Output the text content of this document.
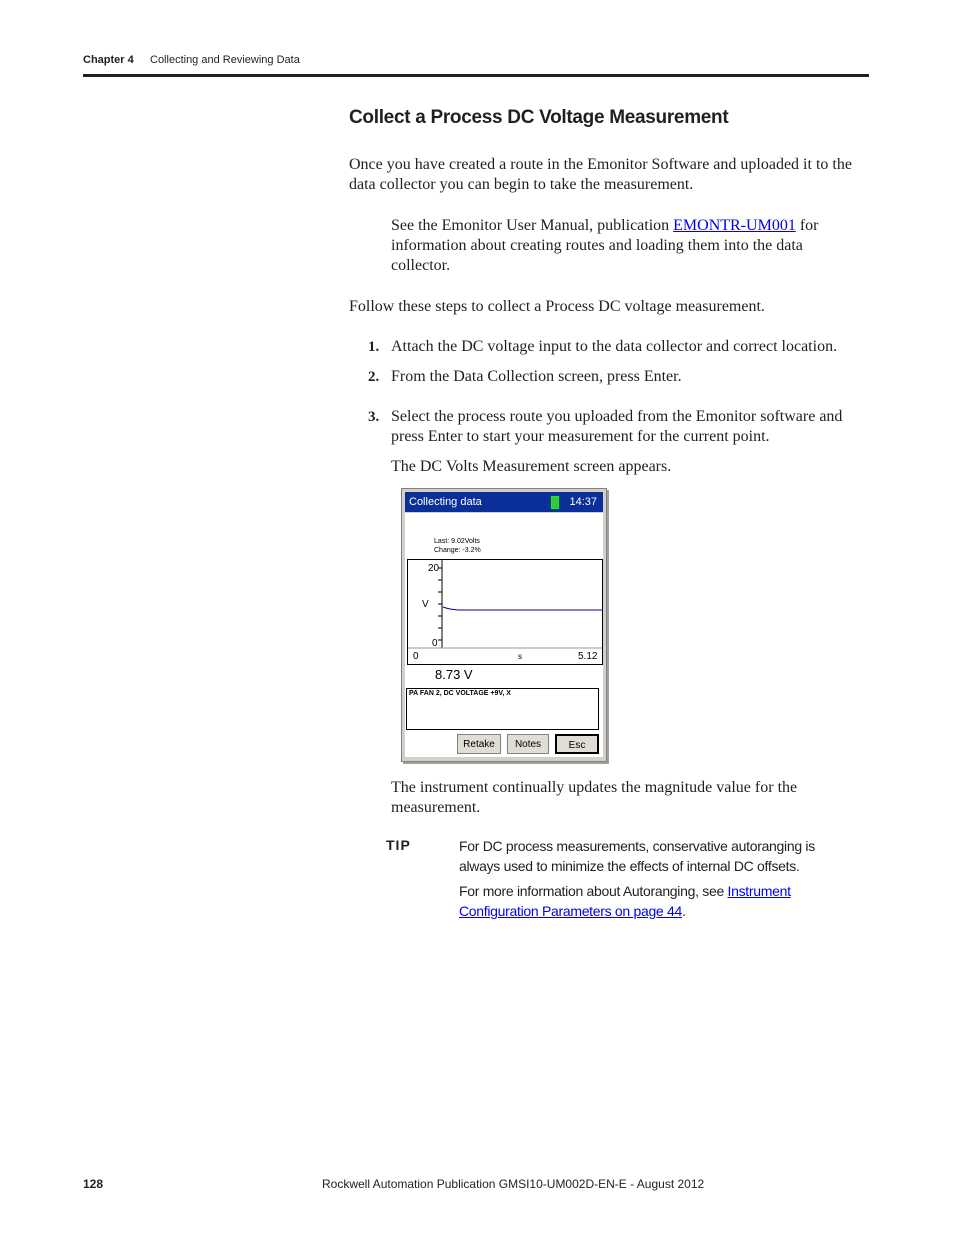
Chapter 4 Collecting and Reviewing Data
Collect a Process DC Voltage Measurement

Once you have created a route in the Emonitor Software and uploaded it to the data collector you can begin to take the measurement.

See the Emonitor User Manual, publication EMONTR-UM001 for information about creating routes and loading them into the data collector.

Follow these steps to collect a Process DC voltage measurement.

1. Attach the DC voltage input to the data collector and correct location.

2. From the Data Collection screen, press Enter.

3. Select the process route you uploaded from the Emonitor software and press Enter to start your measurement for the current point.

The DC Volts Measurement screen appears.

Collecting data	14:37
Last: 9.02Volts
Change: -3.2%
20
0
V
0	s	5.12
8.73 V
PA FAN 2, DC VOLTAGE +9V, X
Retake	Notes	Esc

The instrument continually updates the magnitude value for the measurement.

TIP	For DC process measurements, conservative autoranging is always used to minimize the effects of internal DC offsets.

For more information about Autoranging, see Instrument Configuration Parameters on page 44.

128	Rockwell Automation Publication GMSI10-UM002D-EN-E - August 2012
